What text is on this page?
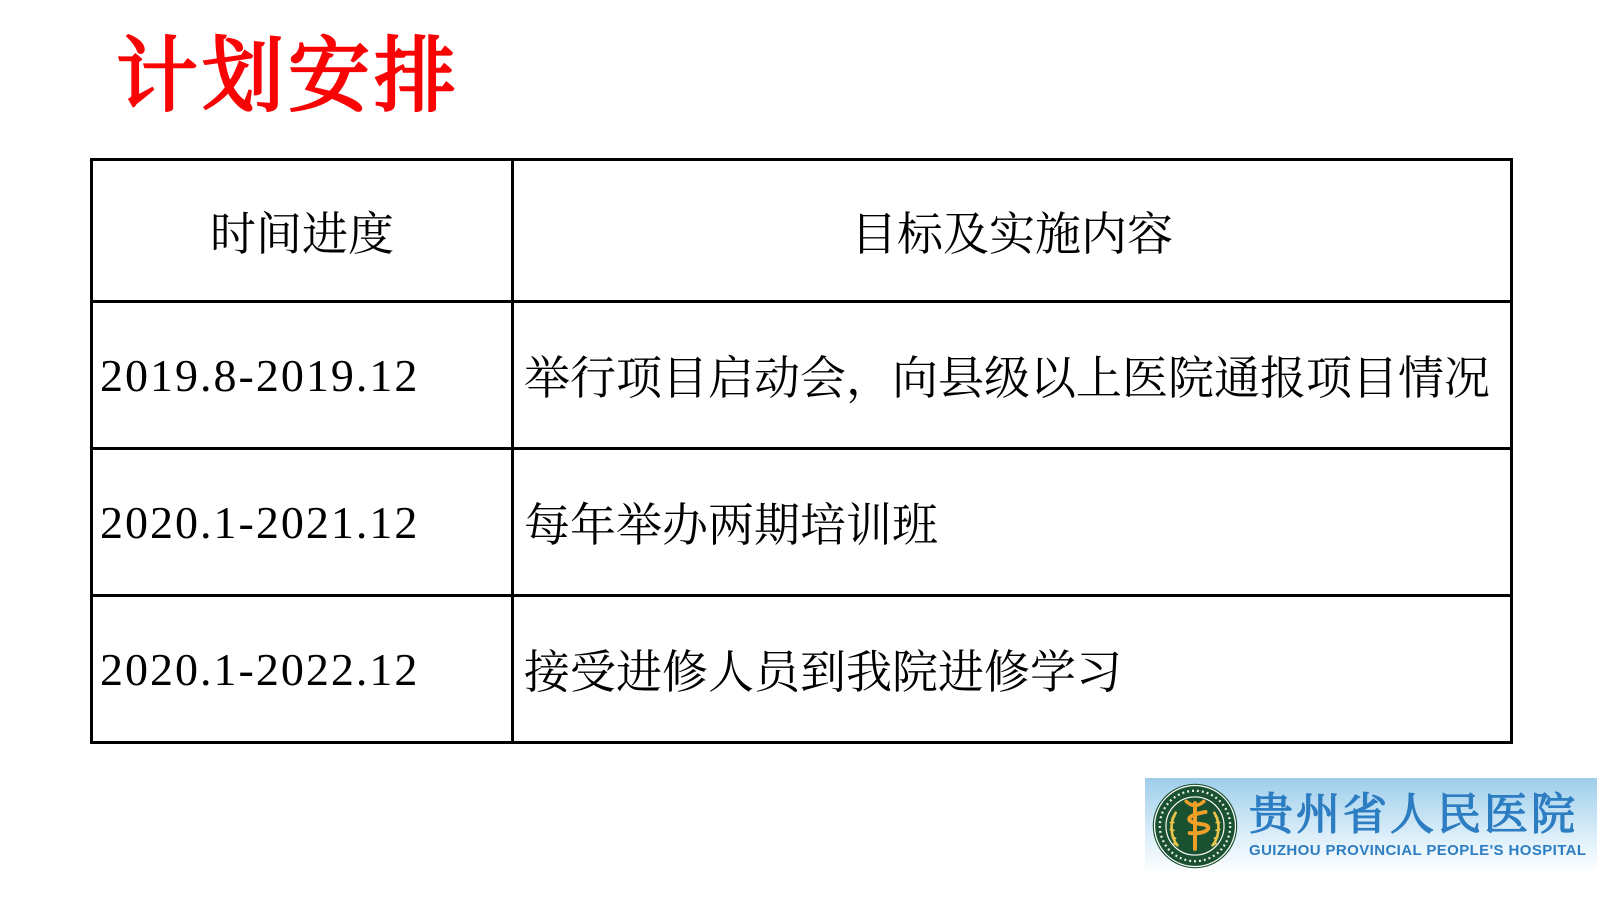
计划安排
时间进度	目标及实施内容
2019.8-2019.12	举行项目启动会，向县级以上医院通报项目情况
2020.1-2021.12	每年举办两期培训班
2020.1-2022.12	接受进修人员到我院进修学习
贵州省人民医院
GUIZHOU PROVINCIAL PEOPLE'S HOSPITAL
